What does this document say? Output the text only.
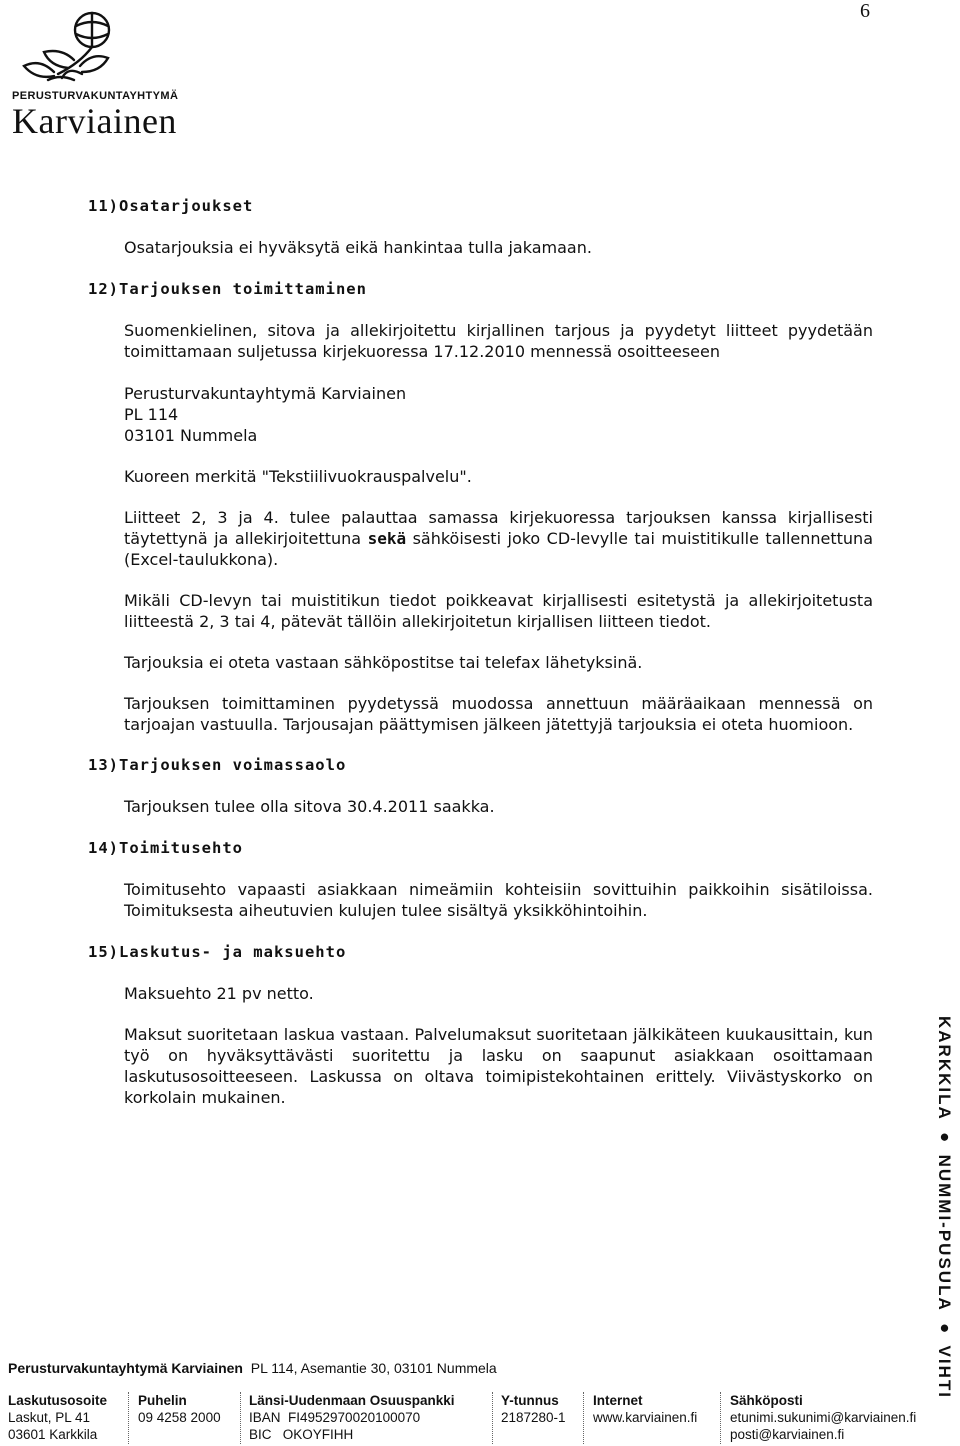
6
PERUSTURVAKUNTAYHTYMÄ
Karviainen
11)Osatarjoukset
Osatarjouksia ei hyväksytä eikä hankintaa tulla jakamaan.
12)Tarjouksen toimittaminen
Suomenkielinen, sitova ja allekirjoitettu kirjallinen tarjous ja pyydetyt liitteet pyydetään toimittamaan suljetussa kirjekuoressa 17.12.2010 mennessä osoitteeseen
Perusturvakuntayhtymä Karviainen
PL 114
03101 Nummela
Kuoreen merkitä "Tekstiilivuokrauspalvelu".
Liitteet 2, 3 ja 4. tulee palauttaa samassa kirjekuoressa tarjouksen kanssa kirjallisesti täytettynä ja allekirjoitettuna sekä sähköisesti joko CD-levylle tai muistitikulle tallennettuna (Excel-taulukkona).
Mikäli CD-levyn tai muistitikun tiedot poikkeavat kirjallisesti esitetystä ja allekirjoitetusta liitteestä 2, 3 tai 4, pätevät tällöin allekirjoitetun kirjallisen liitteen tiedot.
Tarjouksia ei oteta vastaan sähköpostitse tai telefax lähetyksinä.
Tarjouksen toimittaminen pyydetyssä muodossa annettuun määräaikaan mennessä on tarjoajan vastuulla. Tarjousajan päättymisen jälkeen jätettyjä tarjouksia ei oteta huomioon.
13)Tarjouksen voimassaolo
Tarjouksen tulee olla sitova 30.4.2011 saakka.
14)Toimitusehto
Toimitusehto vapaasti asiakkaan nimeämiin kohteisiin sovittuihin paikkoihin sisätiloissa. Toimituksesta aiheutuvien kulujen tulee sisältyä yksikköhintoihin.
15)Laskutus- ja maksuehto
Maksuehto 21 pv netto.
Maksut suoritetaan laskua vastaan. Palvelumaksut suoritetaan jälkikäteen kuukausittain, kun työ on hyväksyttävästi suoritettu ja lasku on saapunut asiakkaan osoittamaan laskutusosoitteeseen. Laskussa on oltava toimipistekohtainen erittely. Viivästyskorko on korkolain mukainen.	KARKKILA ● NUMMI-PUSULA ● VIHTI
Perusturvakuntayhtymä Karviainen PL 114, Asemantie 30, 03101 Nummela
Laskutusosoite
Laskut, PL 41
03601 Karkkila
Puhelin
09 4258 2000
Länsi-Uudenmaan Osuuspankki
IBAN  FI4952970020100070
BIC   OKOYFIHH
Y-tunnus
2187280-1
Internet
www.karviainen.fi
Sähköposti
etunimi.sukunimi@karviainen.fi
posti@karviainen.fi
